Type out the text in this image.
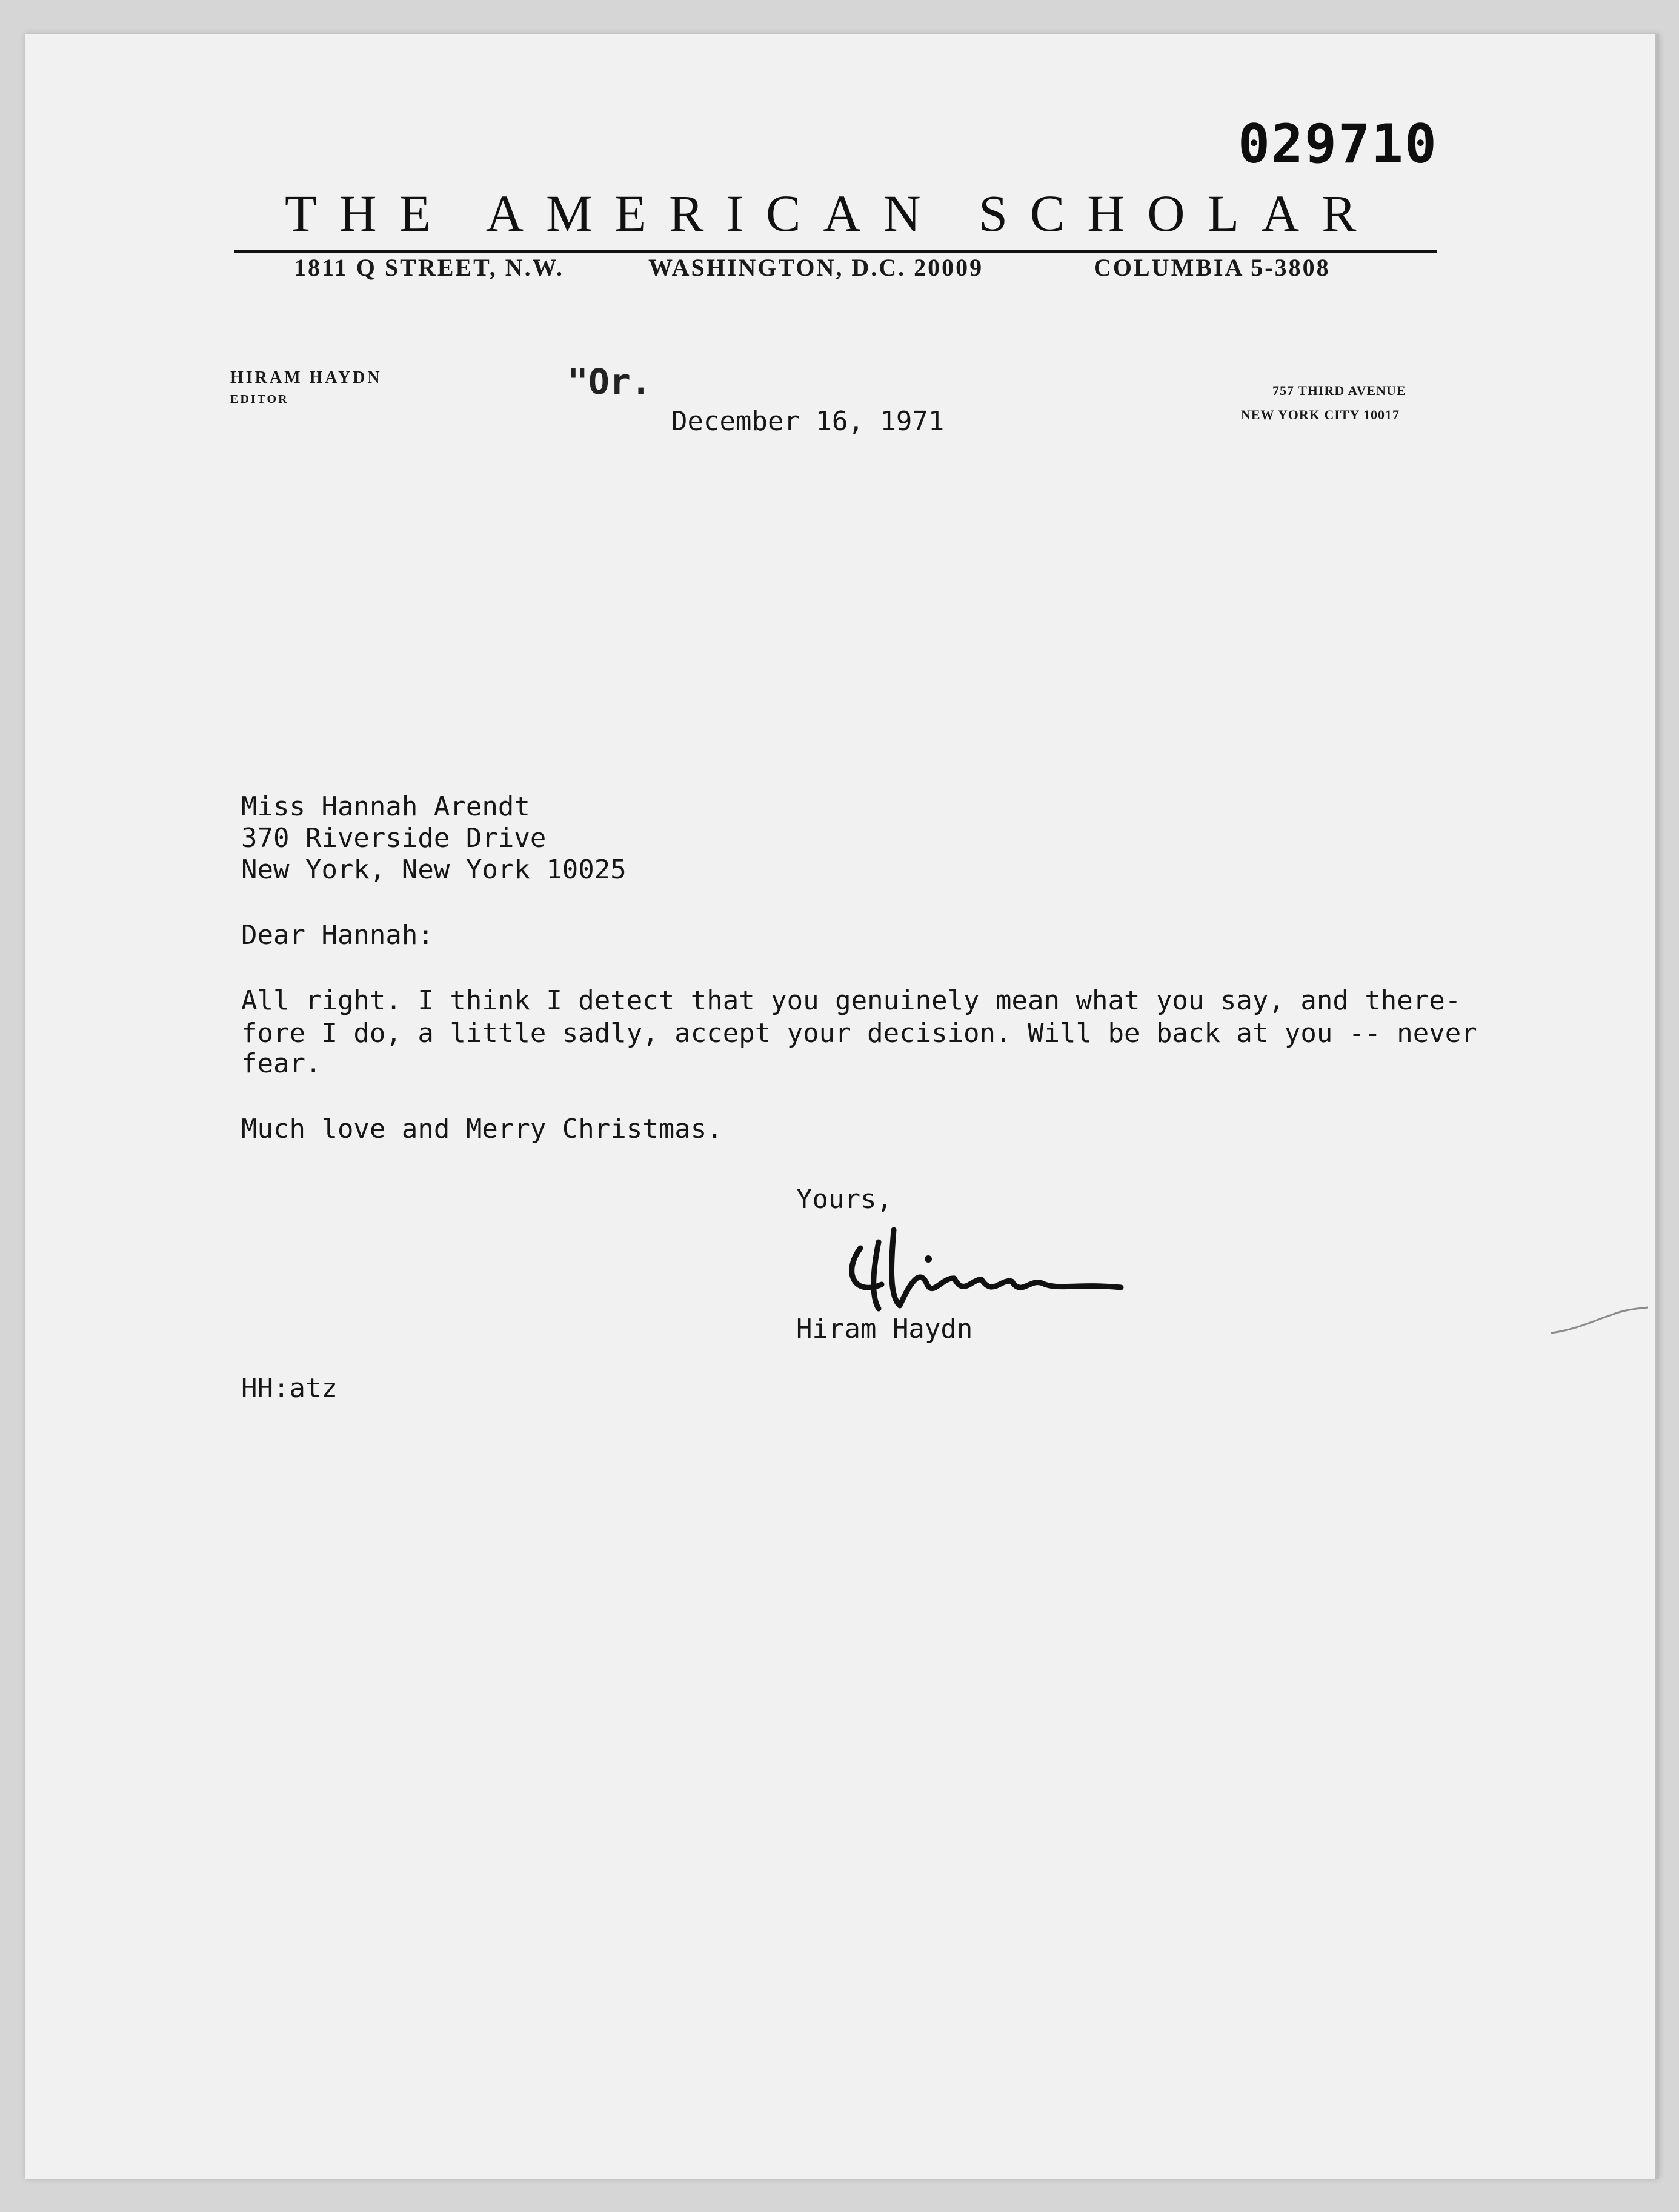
029710
THE AMERICAN SCHOLAR
1811 Q STREET, N.W.	WASHINGTON, D.C. 20009	COLUMBIA 5-3808
HIRAM HAYDN
EDITOR
757 THIRD AVENUE
NEW YORK CITY 10017
"Or.
December 16, 1971
Miss Hannah Arendt
370 Riverside Drive
New York, New York 10025
Dear Hannah:
All right. I think I detect that you genuinely mean what you say, and there-
fore I do, a little sadly, accept your decision. Will be back at you -- never
fear.
Much love and Merry Christmas.
Yours,
Hiram Haydn
HH:atz
